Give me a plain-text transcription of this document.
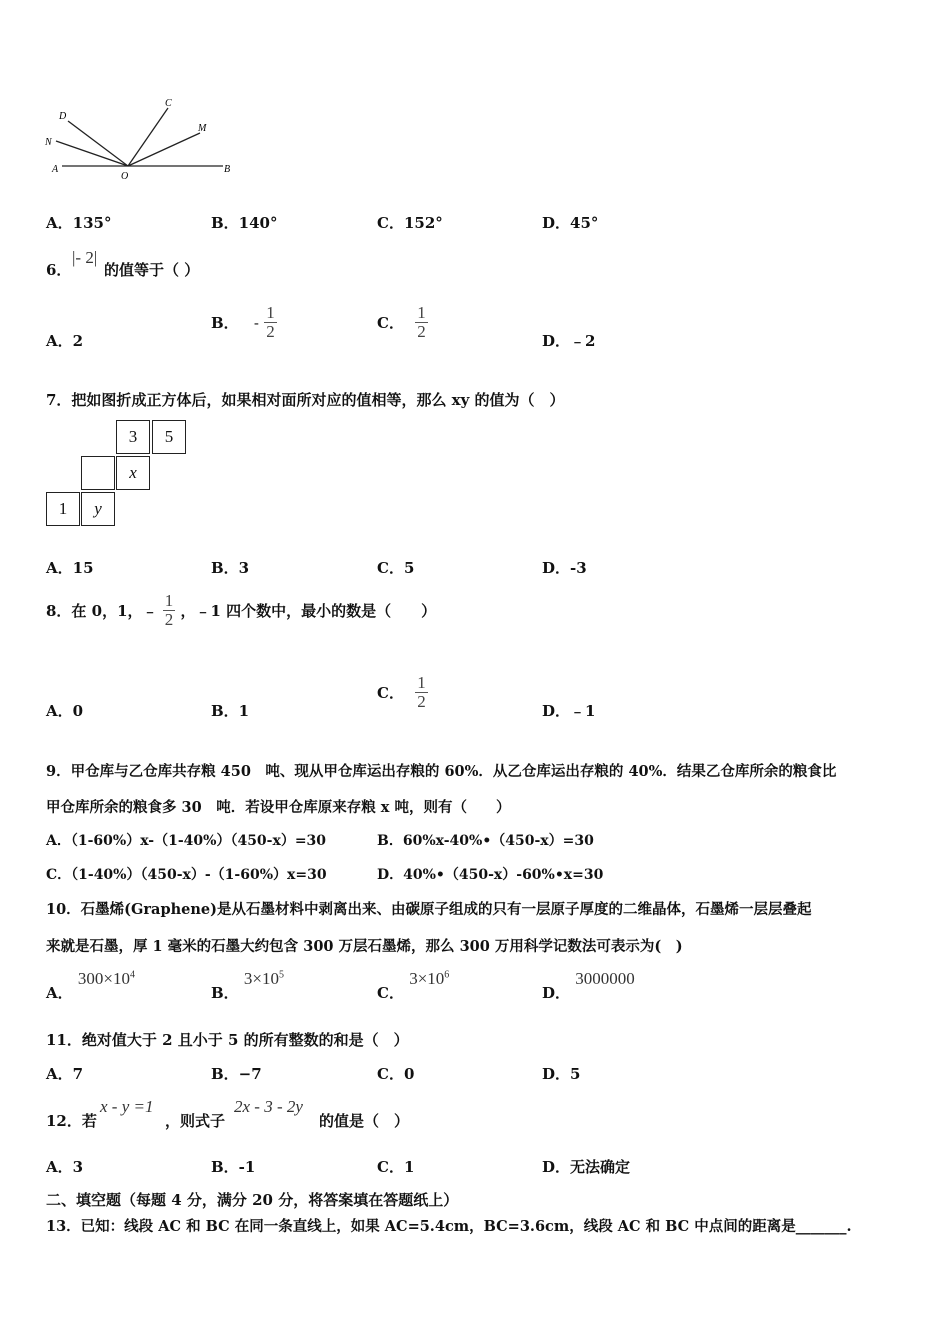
A
O
B
N
D
C
M
A．135°	B．140°	C．152°	D．45°
6．
|- 2|
的值等于（ ）
A．2
B． - $\frac{1}{2}$	C． $\frac{1}{2}$	D．﹣2
7．把如图折成正方体后，如果相对面所对应的值相等，那么 xy 的值为（　）
3	5
x
1	y
A．15	B．3	C．5	D．-3
8．在 0，1，﹣ $\frac{1}{2}$ ，﹣1 四个数中，最小的数是（　　）
A．0	B．1
C． $\frac{1}{2}$	D．﹣1
9．甲仓库与乙仓库共存粮 450　吨、现从甲仓库运出存粮的 60%．从乙仓库运出存粮的 40%．结果乙仓库所余的粮食比
甲仓库所余的粮食多 30　吨．若设甲仓库原来存粮 x 吨，则有（　　）
A．（1-60%）x-（1-40%）（450-x）=30	B．60%x-40%•（450-x）=30
C．（1-40%）（450-x）-（1-60%）x=30	D．40%•（450-x）-60%•x=30
10．石墨烯(Graphene)是从石墨材料中剥离出来、由碳原子组成的只有一层原子厚度的二维晶体，石墨烯一层层叠起
来就是石墨，厚 1 毫米的石墨大约包含 300 万层石墨烯，那么 300 万用科学记数法可表示为(　)
A． $300\times 10^4$
B． $3\times 10^5$
C． $3\times 10^6$
D． 3000000
11．绝对值大于 2 且小于 5 的所有整数的和是（　）
A．7	B．−7	C．0	D．5
12．若
x - y =1
，则式子
2x - 3 - 2y
的值是（　）
A．3	B．-1	C．1	D．无法确定
二、填空题（每题 4 分，满分 20 分，将答案填在答题纸上）
13．已知：线段 AC 和 BC 在同一条直线上，如果 AC=5.4cm，BC=3.6cm，线段 AC 和 BC 中点间的距离是_______.
